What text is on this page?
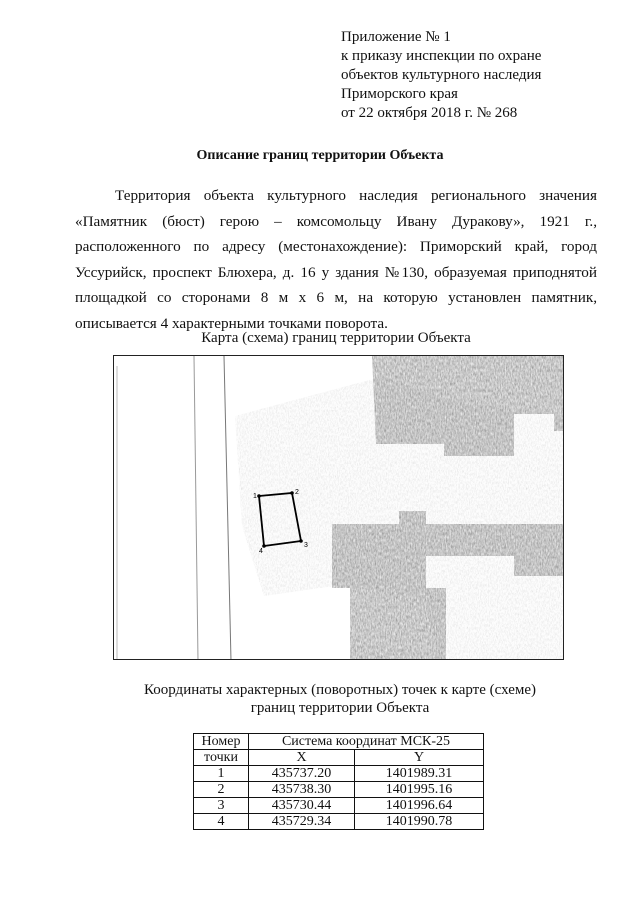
Приложение № 1
к приказу инспекции по охране
объектов культурного наследия
Приморского края
от 22 октября 2018 г. № 268
Описание границ территории Объекта
Территория объекта культурного наследия регионального значения «Памятник (бюст) герою – комсомольцу Ивану Дуракову», 1921 г., расположенного по адресу (местонахождение): Приморский край, город Уссурийск, проспект Блюхера, д. 16 у здания №130, образуемая приподнятой площадкой со сторонами 8 м х 6 м, на которую установлен памятник, описывается 4 характерными точками поворота.
Карта (схема) границ территории Объекта
1
2
3
4
Координаты характерных (поворотных) точек к карте (схеме)
границ территории Объекта
Номер	Система координат МСК-25	
точки	X	Y
1	435737.20	1401989.31
2	435738.30	1401995.16
3	435730.44	1401996.64
4	435729.34	1401990.78
